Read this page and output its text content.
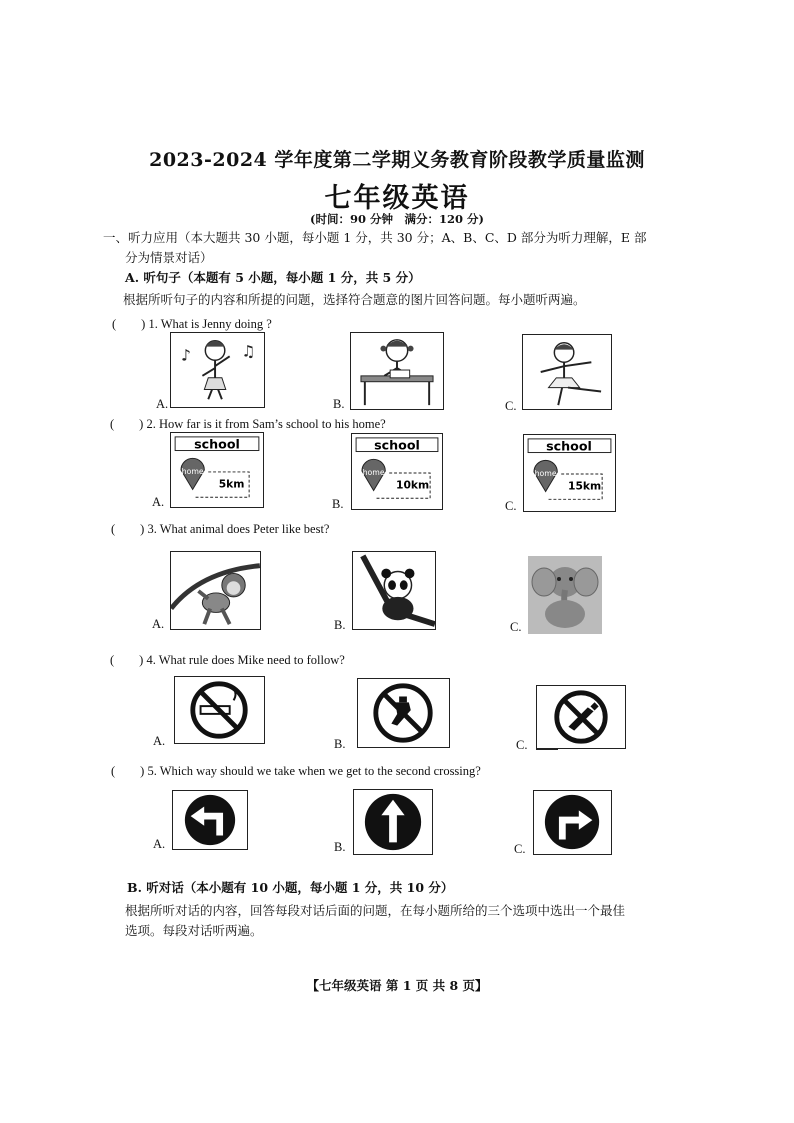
2023-2024 学年度第二学期义务教育阶段教学质量监测
七年级英语
(时间：90 分钟　满分：120 分)
一、听力应用（本大题共 30 小题，每小题 1 分，共 30 分；A、B、C、D 部分为听力理解，E 部
分为情景对话）
A. 听句子（本题有 5 小题，每小题 1 分，共 5 分）
根据所听句子的内容和所提的问题，选择符合题意的图片回答问题。每小题听两遍。
(　　) 1. What is Jenny doing ?
A.	B.	C.
♪	♫
(　　) 2. How far is it from Sam’s school to his home?
A.	B.	C.
school
home
5km
school
home
10km
school
home
15km
(　　) 3. What animal does Peter like best?
A.	B.	C.
(　　) 4. What rule does Mike need to follow?
A.	B.	C.
(　　) 5. Which way should we take when we get to the second crossing?
A.	B.	C.
B. 听对话（本小题有 10 小题，每小题 1 分，共 10 分）
根据所听对话的内容，回答每段对话后面的问题，在每小题所给的三个选项中选出一个最佳
选项。每段对话听两遍。
【七年级英语 第 1 页 共 8 页】
